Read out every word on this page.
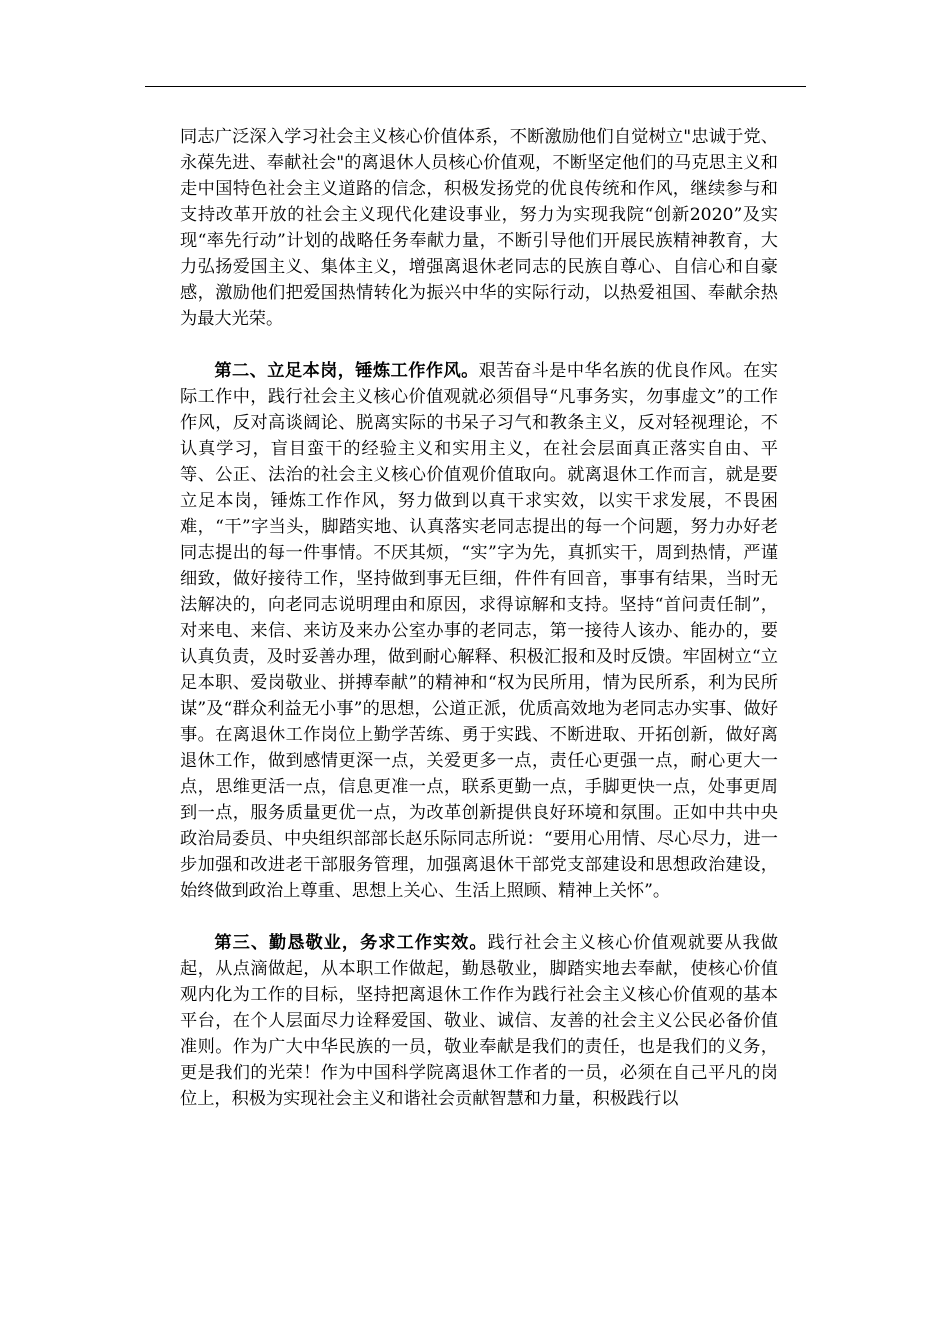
同志广泛深入学习社会主义核心价值体系，不断激励他们自觉树立"忠诚于党、永葆先进、奉献社会"的离退休人员核心价值观，不断坚定他们的马克思主义和走中国特色社会主义道路的信念，积极发扬党的优良传统和作风，继续参与和支持改革开放的社会主义现代化建设事业，努力为实现我院“创新2020”及实现“率先行动”计划的战略任务奉献力量，不断引导他们开展民族精神教育，大力弘扬爱国主义、集体主义，增强离退休老同志的民族自尊心、自信心和自豪感，激励他们把爱国热情转化为振兴中华的实际行动，以热爱祖国、奉献余热为最大光荣。

第二、立足本岗，锤炼工作作风。艰苦奋斗是中华名族的优良作风。在实际工作中，践行社会主义核心价值观就必须倡导“凡事务实，勿事虚文”的工作作风，反对高谈阔论、脱离实际的书呆子习气和教条主义，反对轻视理论，不认真学习，盲目蛮干的经验主义和实用主义，在社会层面真正落实自由、平等、公正、法治的社会主义核心价值观价值取向。就离退休工作而言，就是要立足本岗，锤炼工作作风，努力做到以真干求实效，以实干求发展，不畏困难，“干”字当头，脚踏实地、认真落实老同志提出的每一个问题，努力办好老同志提出的每一件事情。不厌其烦，“实”字为先，真抓实干，周到热情，严谨细致，做好接待工作，坚持做到事无巨细，件件有回音，事事有结果，当时无法解决的，向老同志说明理由和原因，求得谅解和支持。坚持“首问责任制”，对来电、来信、来访及来办公室办事的老同志，第一接待人该办、能办的，要认真负责，及时妥善办理，做到耐心解释、积极汇报和及时反馈。牢固树立“立足本职、爱岗敬业、拼搏奉献”的精神和“权为民所用，情为民所系，利为民所谋”及“群众利益无小事”的思想，公道正派，优质高效地为老同志办实事、做好事。在离退休工作岗位上勤学苦练、勇于实践、不断进取、开拓创新，做好离退休工作，做到感情更深一点，关爱更多一点，责任心更强一点，耐心更大一点，思维更活一点，信息更准一点，联系更勤一点，手脚更快一点，处事更周到一点，服务质量更优一点，为改革创新提供良好环境和氛围。正如中共中央政治局委员、中央组织部部长赵乐际同志所说：“要用心用情、尽心尽力，进一步加强和改进老干部服务管理，加强离退休干部党支部建设和思想政治建设，始终做到政治上尊重、思想上关心、生活上照顾、精神上关怀”。

第三、勤恳敬业，务求工作实效。践行社会主义核心价值观就要从我做起，从点滴做起，从本职工作做起，勤恳敬业，脚踏实地去奉献，使核心价值观内化为工作的目标，坚持把离退休工作作为践行社会主义核心价值观的基本平台，在个人层面尽力诠释爱国、敬业、诚信、友善的社会主义公民必备价值准则。作为广大中华民族的一员，敬业奉献是我们的责任，也是我们的义务，更是我们的光荣！作为中国科学院离退休工作者的一员，必须在自己平凡的岗位上，积极为实现社会主义和谐社会贡献智慧和力量，积极践行以
